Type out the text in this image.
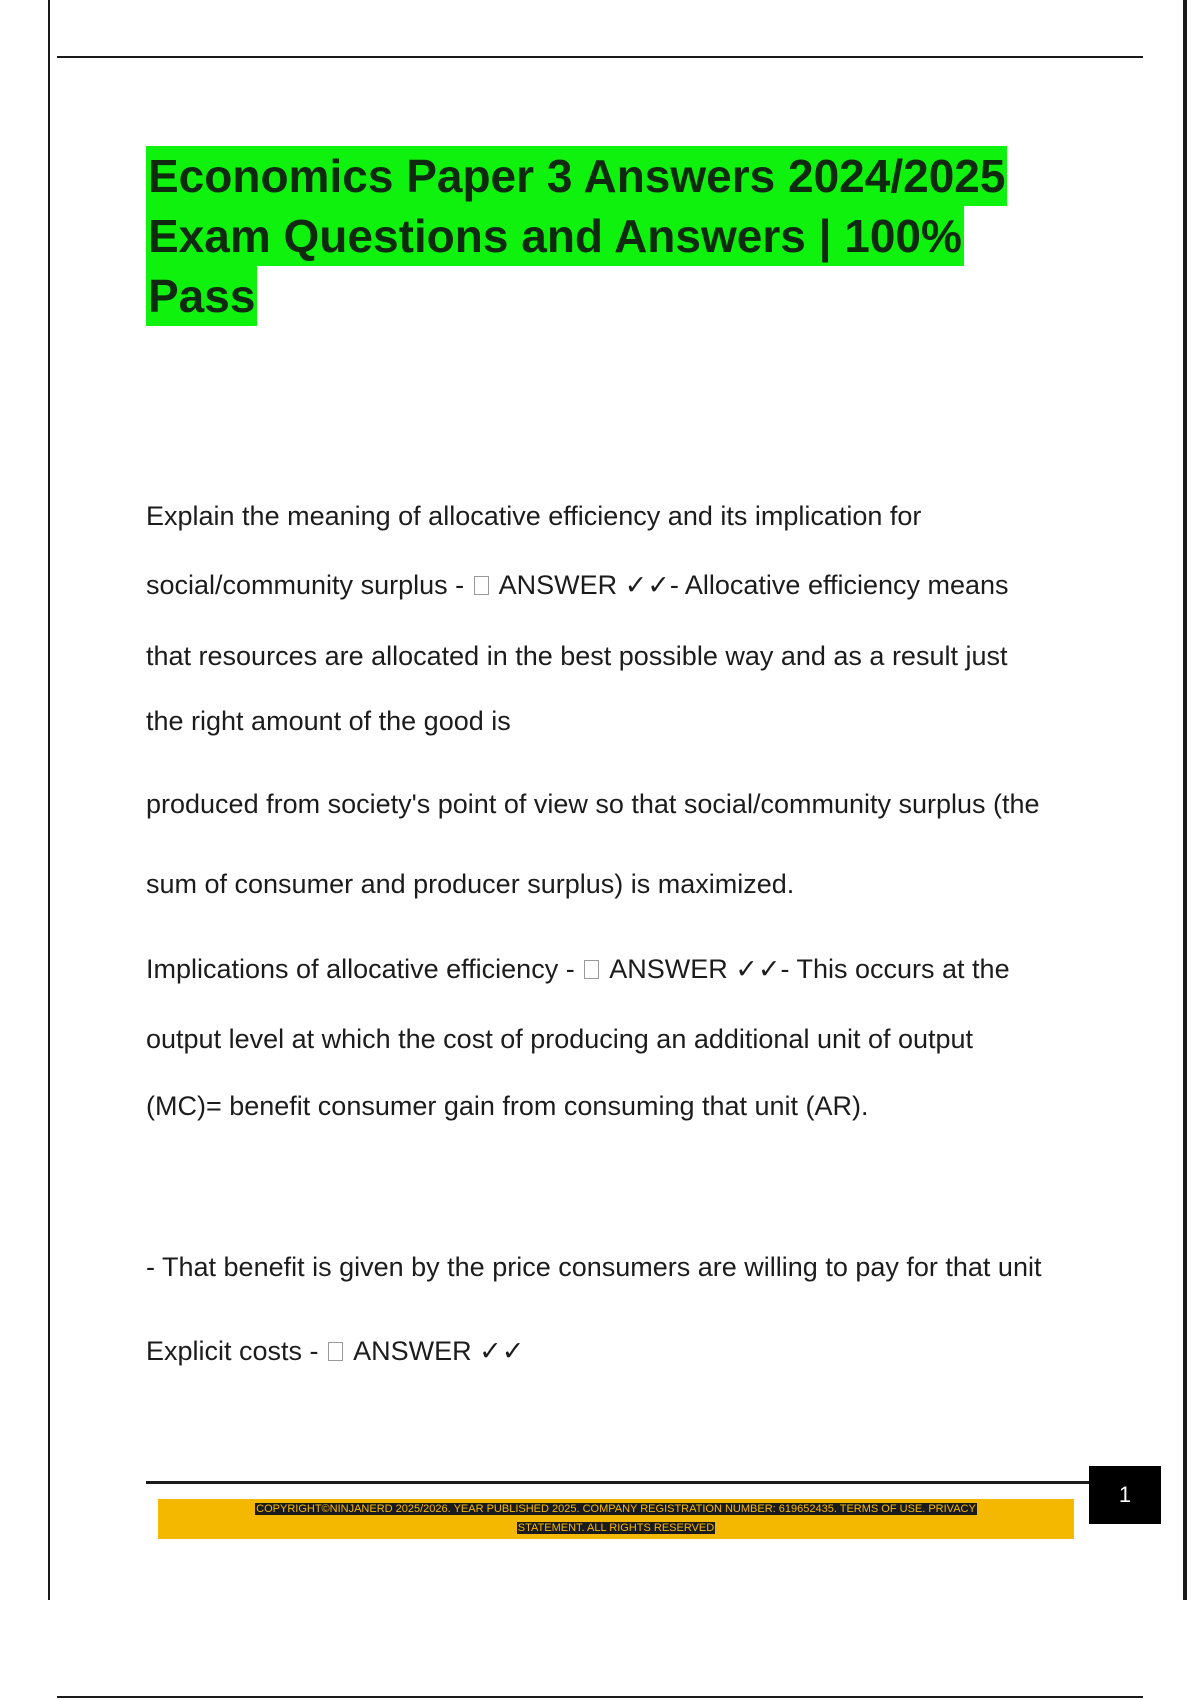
Economics Paper 3 Answers 2024/2025
Exam Questions and Answers | 100%
Pass

Explain the meaning of allocative efficiency and its implication for

social/community surplus - ANSWER ✓✓- Allocative efficiency means

that resources are allocated in the best possible way and as a result just

the right amount of the good is

produced from society's point of view so that social/community surplus (the

sum of consumer and producer surplus) is maximized.

Implications of allocative efficiency - ANSWER ✓✓- This occurs at the

output level at which the cost of producing an additional unit of output

(MC)= benefit consumer gain from consuming that unit (AR).

- That benefit is given by the price consumers are willing to pay for that unit

Explicit costs - ANSWER ✓✓

1

COPYRIGHT©NINJANERD 2025/2026. YEAR PUBLISHED 2025. COMPANY REGISTRATION NUMBER: 619652435. TERMS OF USE. PRIVACY
STATEMENT. ALL RIGHTS RESERVED
